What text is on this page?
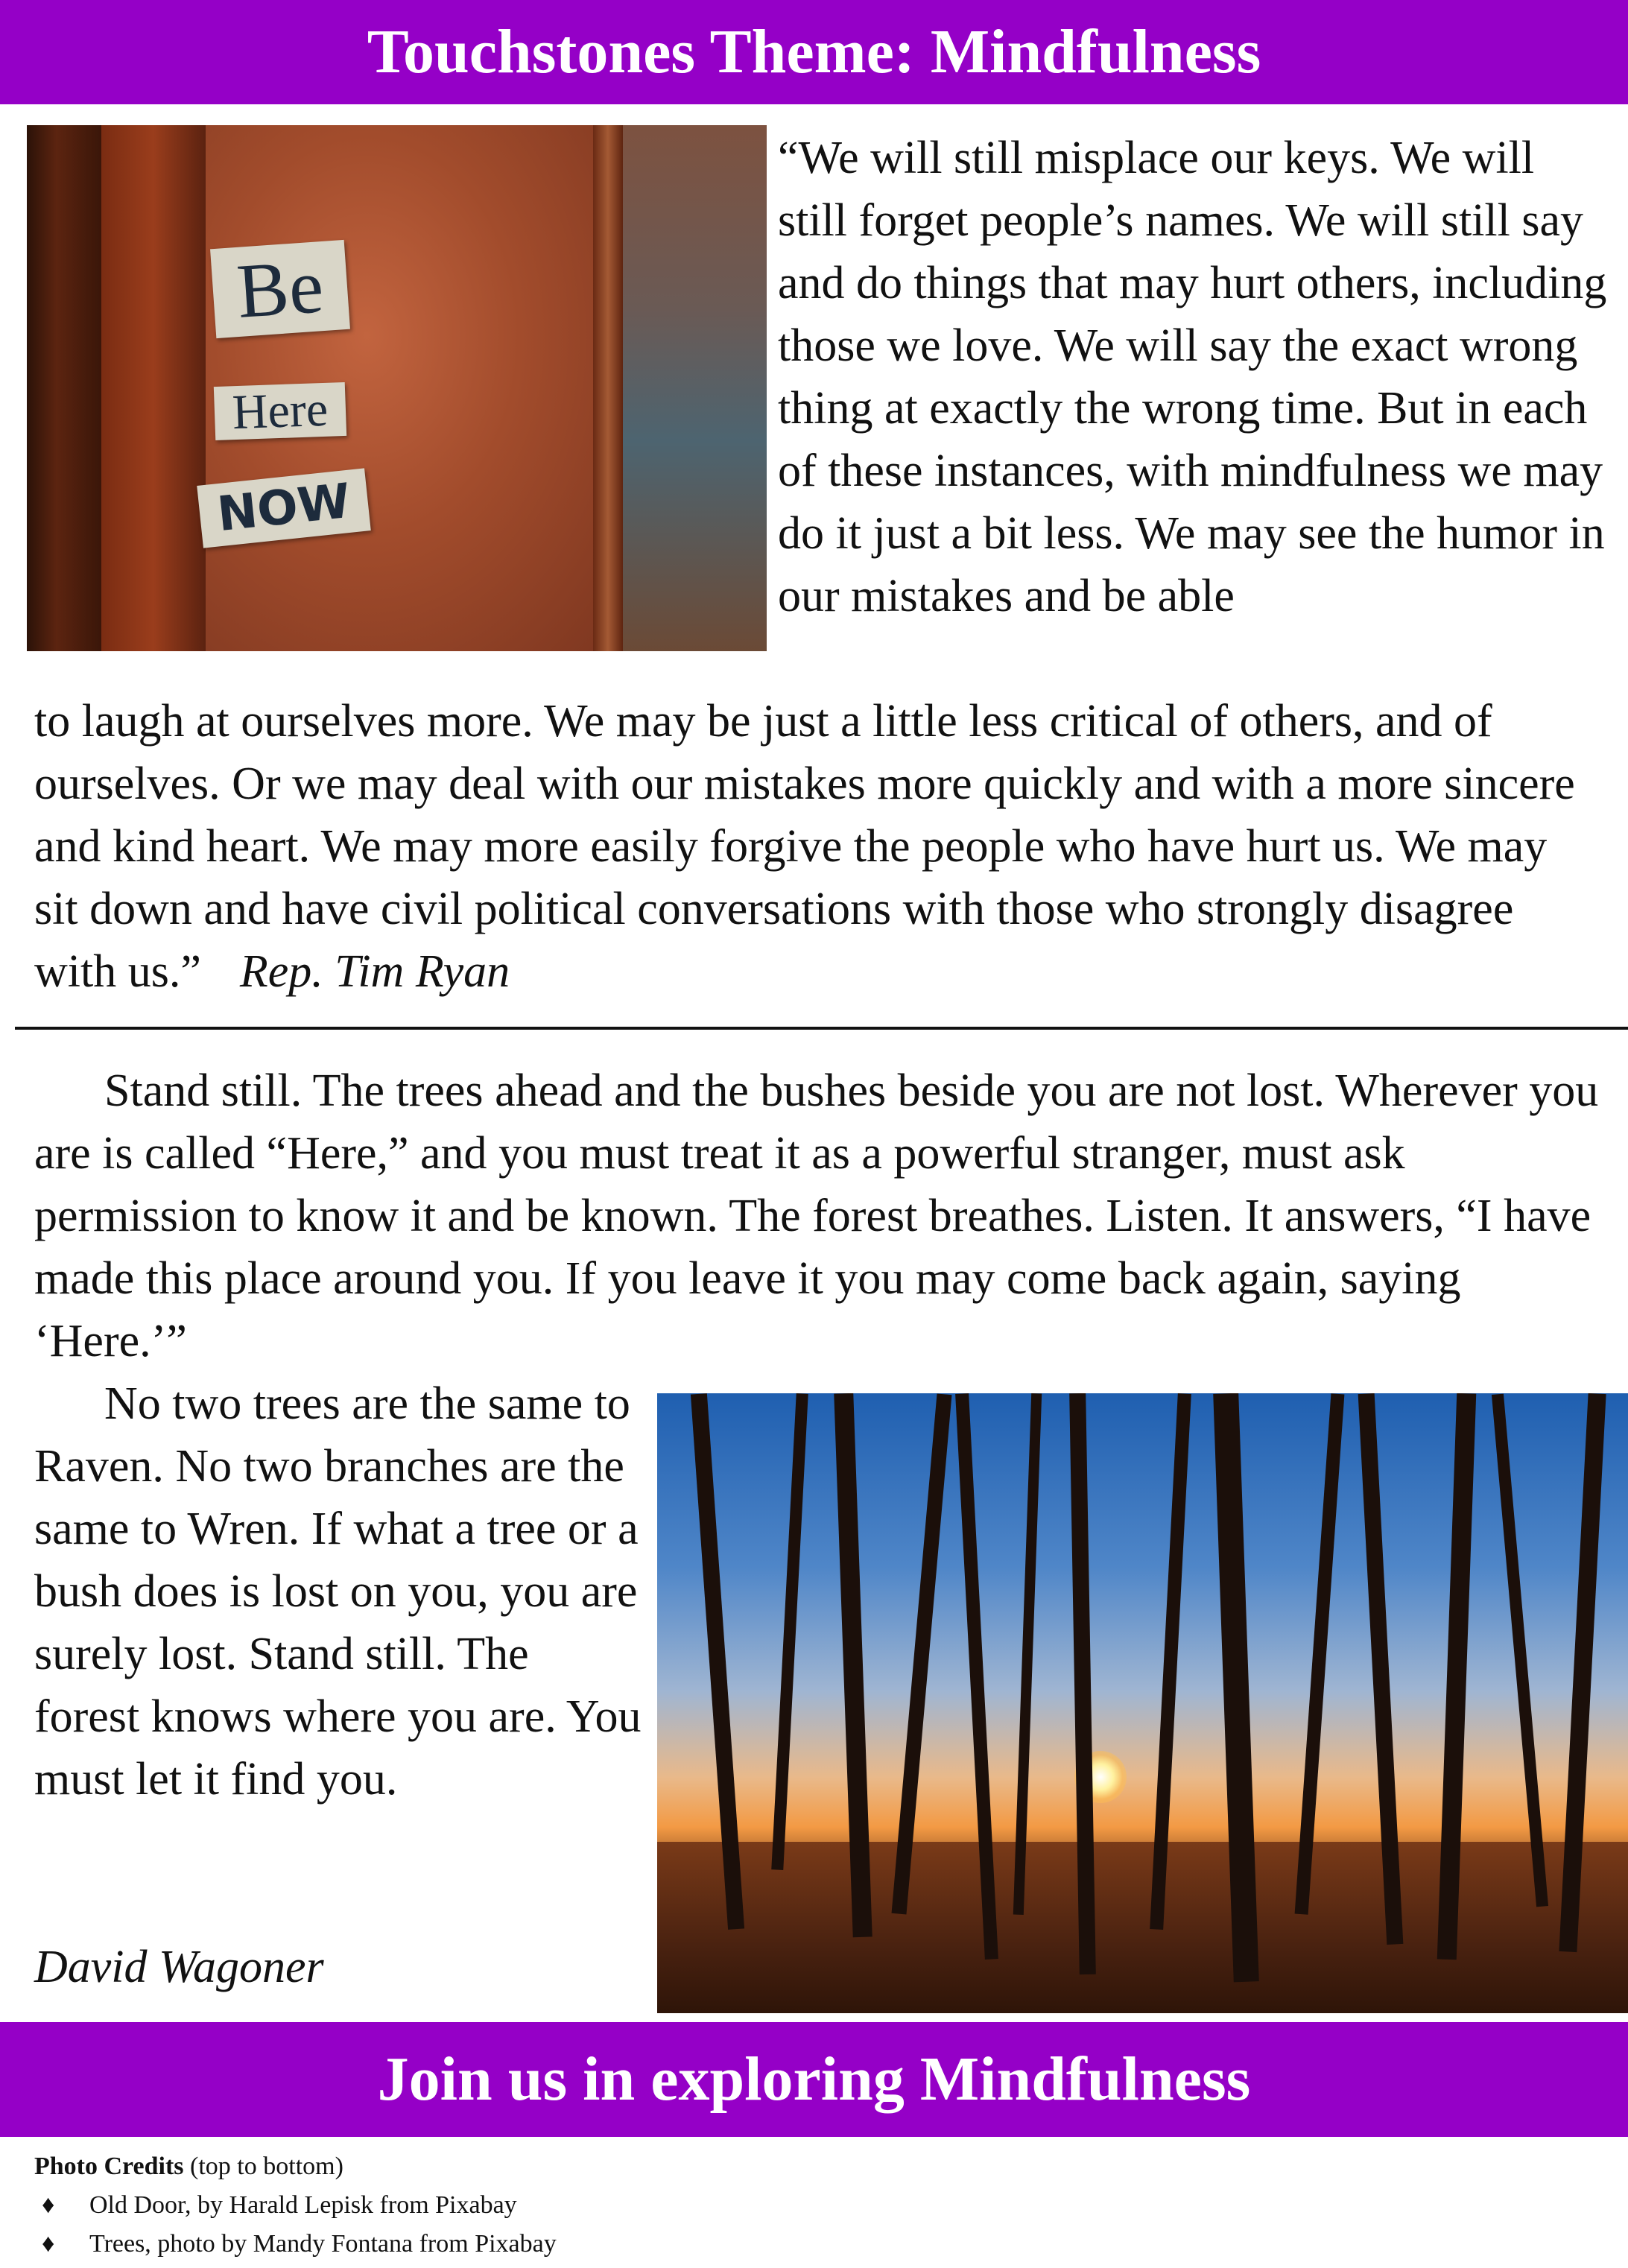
Touchstones Theme: Mindfulness
Be
Here
NOW

“We will still misplace our keys. We will still forget people’s names. We will still say and do things that may hurt others, including those we love. We will say the exact wrong thing at exactly the wrong time. But in each of these instances, with mindfulness we may do it just a bit less. We may see the humor in our mistakes and be able

to laugh at ourselves more. We may be just a little less critical of others, and of ourselves. Or we may deal with our mistakes more quickly and with a more sincere and kind heart. We may more easily forgive the people who have hurt us. We may sit down and have civil political conversations with those who strongly disagree with us.” Rep. Tim Ryan

Stand still. The trees ahead and the bushes beside you are not lost. Wherever you are is called “Here,” and you must treat it as a powerful stranger, must ask permission to know it and be known. The forest breathes. Listen. It answers, “I have made this place around you. If you leave it you may come back again, saying ‘Here.’”

No two trees are the same to Raven. No two branches are the same to Wren. If what a tree or a bush does is lost on you, you are surely lost. Stand still. The forest knows where you are. You must let it find you.

David Wagoner

Join us in exploring Mindfulness

Photo Credits (top to bottom)

♦ Old Door, by Harald Lepisk from Pixabay
♦ Trees, photo by Mandy Fontana from Pixabay
